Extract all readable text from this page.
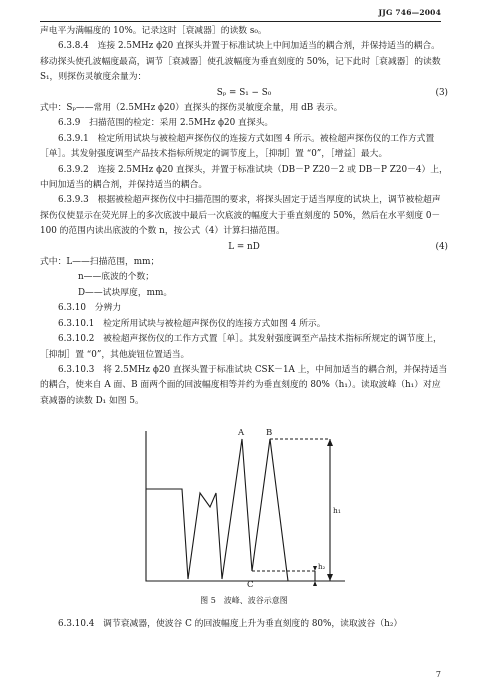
JJG 746—2004

声电平为满幅度的 10%。记录这时［衰减器］的读数 s₀。

6.3.8.4　连接 2.5MHz ϕ20 直探头并置于标准试块上中间加适当的耦合剂，并保持适当的耦合。移动探头使孔波幅度最高，调节［衰减器］使孔波幅度为垂直刻度的 50%，记下此时［衰减器］的读数 S₁，则探伤灵敏度余量为：

Sₚ = S₁ − S₀	(3)

式中：Sₚ——常用（2.5MHz ϕ20）直探头的探伤灵敏度余量，用 dB 表示。

6.3.9　扫描范围的检定：采用 2.5MHz ϕ20 直探头。

6.3.9.1　检定所用试块与被检超声探伤仪的连接方式如图 4 所示。被检超声探伤仪的工作方式置［单］。其发射强度调至产品技术指标所规定的调节度上，［抑制］置 “0”，［增益］最大。

6.3.9.2　连接 2.5MHz ϕ20 直探头，并置于标准试块（DB－P Z20－2 或 DB－P Z20－4）上，中间加适当的耦合剂，并保持适当的耦合。

6.3.9.3　根据被检超声探伤仪中扫描范围的要求，将探头固定于适当厚度的试块上，调节被检超声探伤仪使显示在荧光屏上的多次底波中最后一次底波的幅度大于垂直刻度的 50%，然后在水平刻度 0－100 的范围内读出底波的个数 n，按公式（4）计算扫描范围。

L = nD	(4)

式中：L——扫描范围，mm；

n——底波的个数；

D——试块厚度，mm。

6.3.10　分辨力

6.3.10.1　检定所用试块与被检超声探伤仪的连接方式如图 4 所示。

6.3.10.2　被检超声探伤仪的工作方式置［单］。其发射强度调至产品技术指标所规定的调节度上，［抑制］置 “0”，其他旋钮位置适当。

6.3.10.3　将 2.5MHz ϕ20 直探头置于标准试块 CSK－1A 上，中间加适当的耦合剂，并保持适当的耦合，使来自 A 面、B 面两个面的回波幅度相等并约为垂直刻度的 80%（h₁）。读取波峰（h₁）对应衰减器的读数 D₁ 如图 5。

A	B
C
h₁
h₂

图 5　波峰、波谷示意图

6.3.10.4　调节衰减器，使波谷 C 的回波幅度上升为垂直刻度的 80%，读取波谷（h₂）

7
